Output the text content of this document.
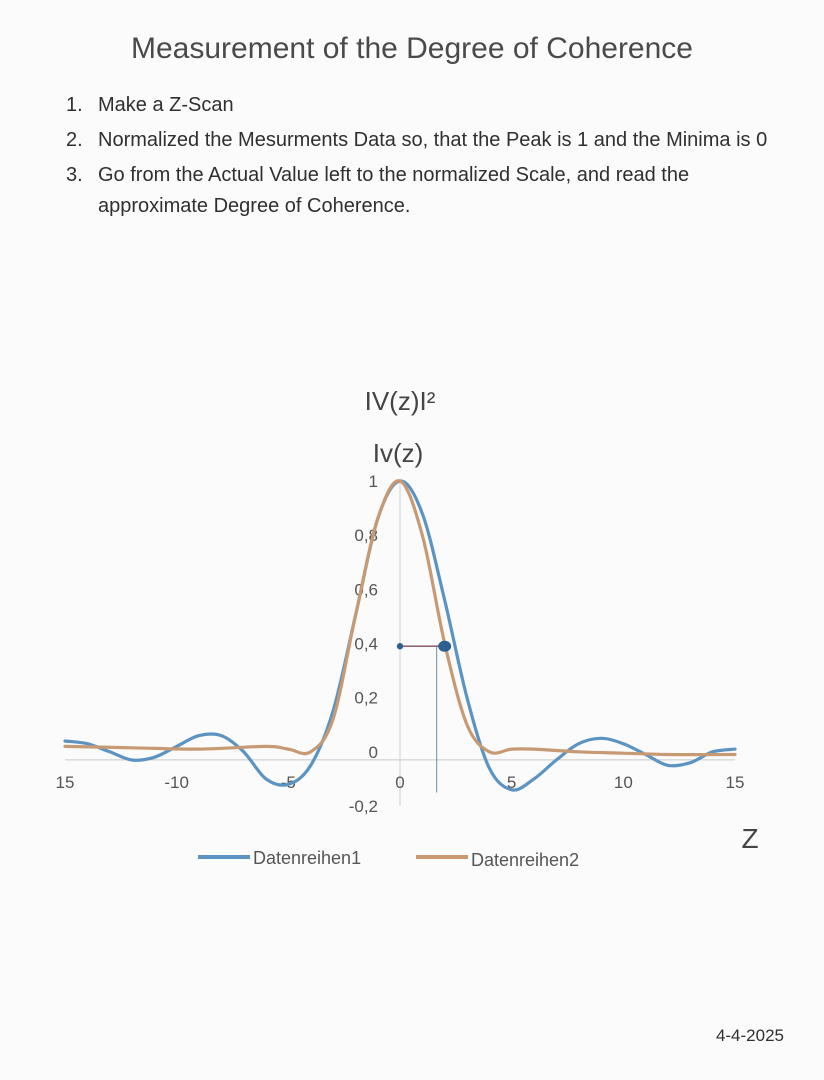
Measurement of the Degree of Coherence
1. Make a Z-Scan
2. Normalized the Mesurments Data so, that the Peak is 1 and the Minima is 0
3. Go from the Actual Value left to the normalized Scale, and read the approximate Degree of Coherence.
IV(z)I²
Iv(z)
15	-10	-5	0	5	10	15
1
0,8
0,6
0,4
0,2
0
-0,2
Z
Datenreihen1	Datenreihen2
4-4-2025
